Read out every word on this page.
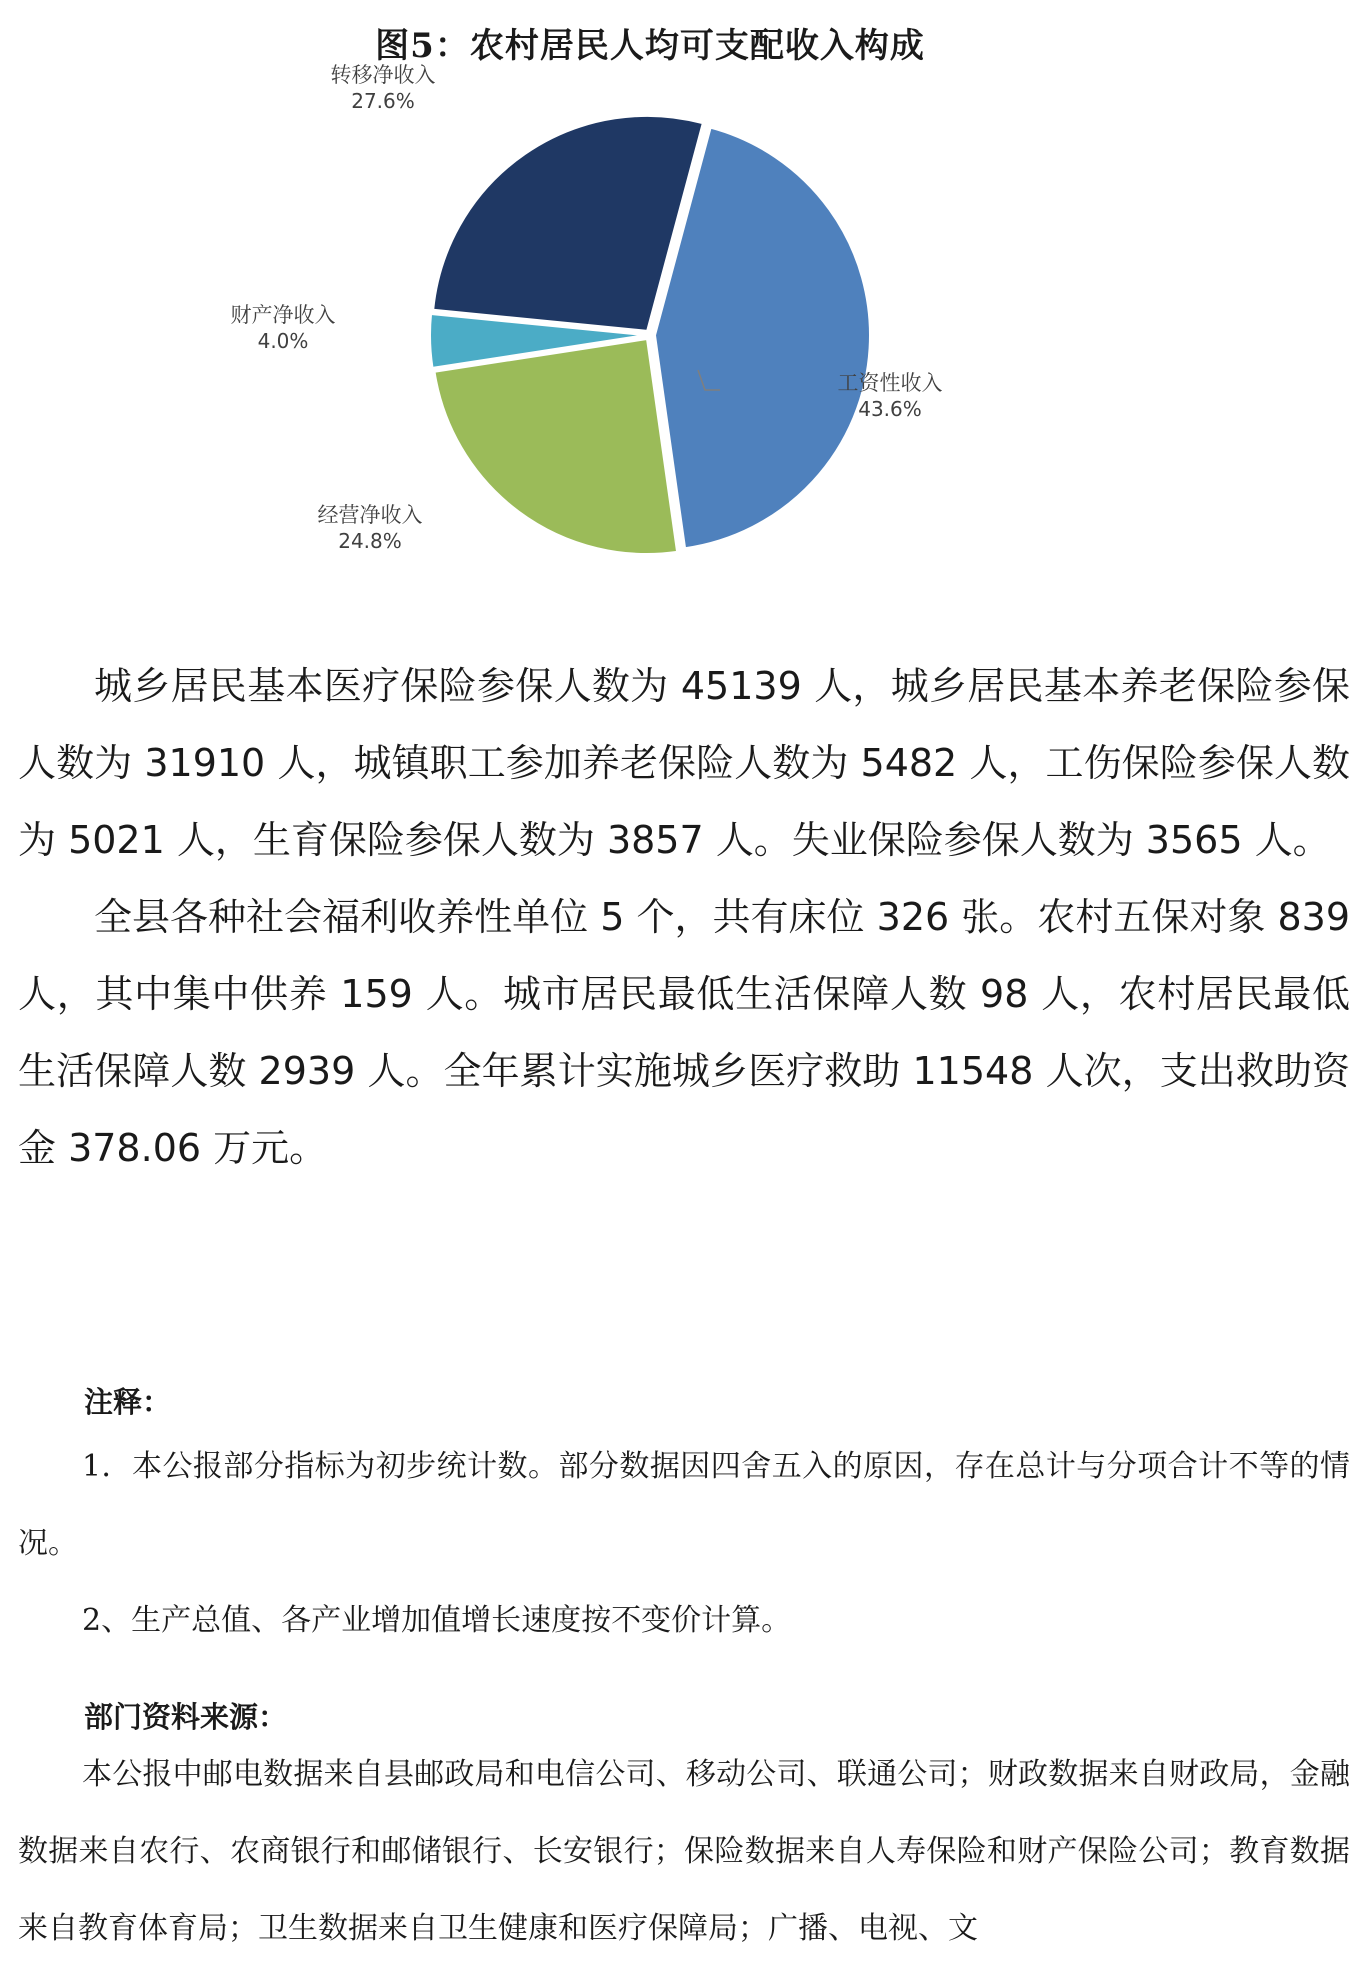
图5：农村居民人均可支配收入构成
工资性收入
43.6%
经营净收入
24.8%
财产净收入
4.0%
转移净收入
27.6%

城乡居民基本医疗保险参保人数为 45139 人，城乡居民基本养老保险参保人数为 31910 人，城镇职工参加养老保险人数为 5482 人，工伤保险参保人数为 5021 人，生育保险参保人数为 3857 人。失业保险参保人数为 3565 人。

全县各种社会福利收养性单位 5 个，共有床位 326 张。农村五保对象 839 人，其中集中供养 159 人。城市居民最低生活保障人数 98 人，农村居民最低生活保障人数 2939 人。全年累计实施城乡医疗救助 11548 人次，支出救助资金 378.06 万元。

注释：

1．本公报部分指标为初步统计数。部分数据因四舍五入的原因，存在总计与分项合计不等的情况。

2、生产总值、各产业增加值增长速度按不变价计算。

部门资料来源：

本公报中邮电数据来自县邮政局和电信公司、移动公司、联通公司；财政数据来自财政局，金融数据来自农行、农商银行和邮储银行、长安银行；保险数据来自人寿保险和财产保险公司；教育数据来自教育体育局；卫生数据来自卫生健康和医疗保障局；广播、电视、文
